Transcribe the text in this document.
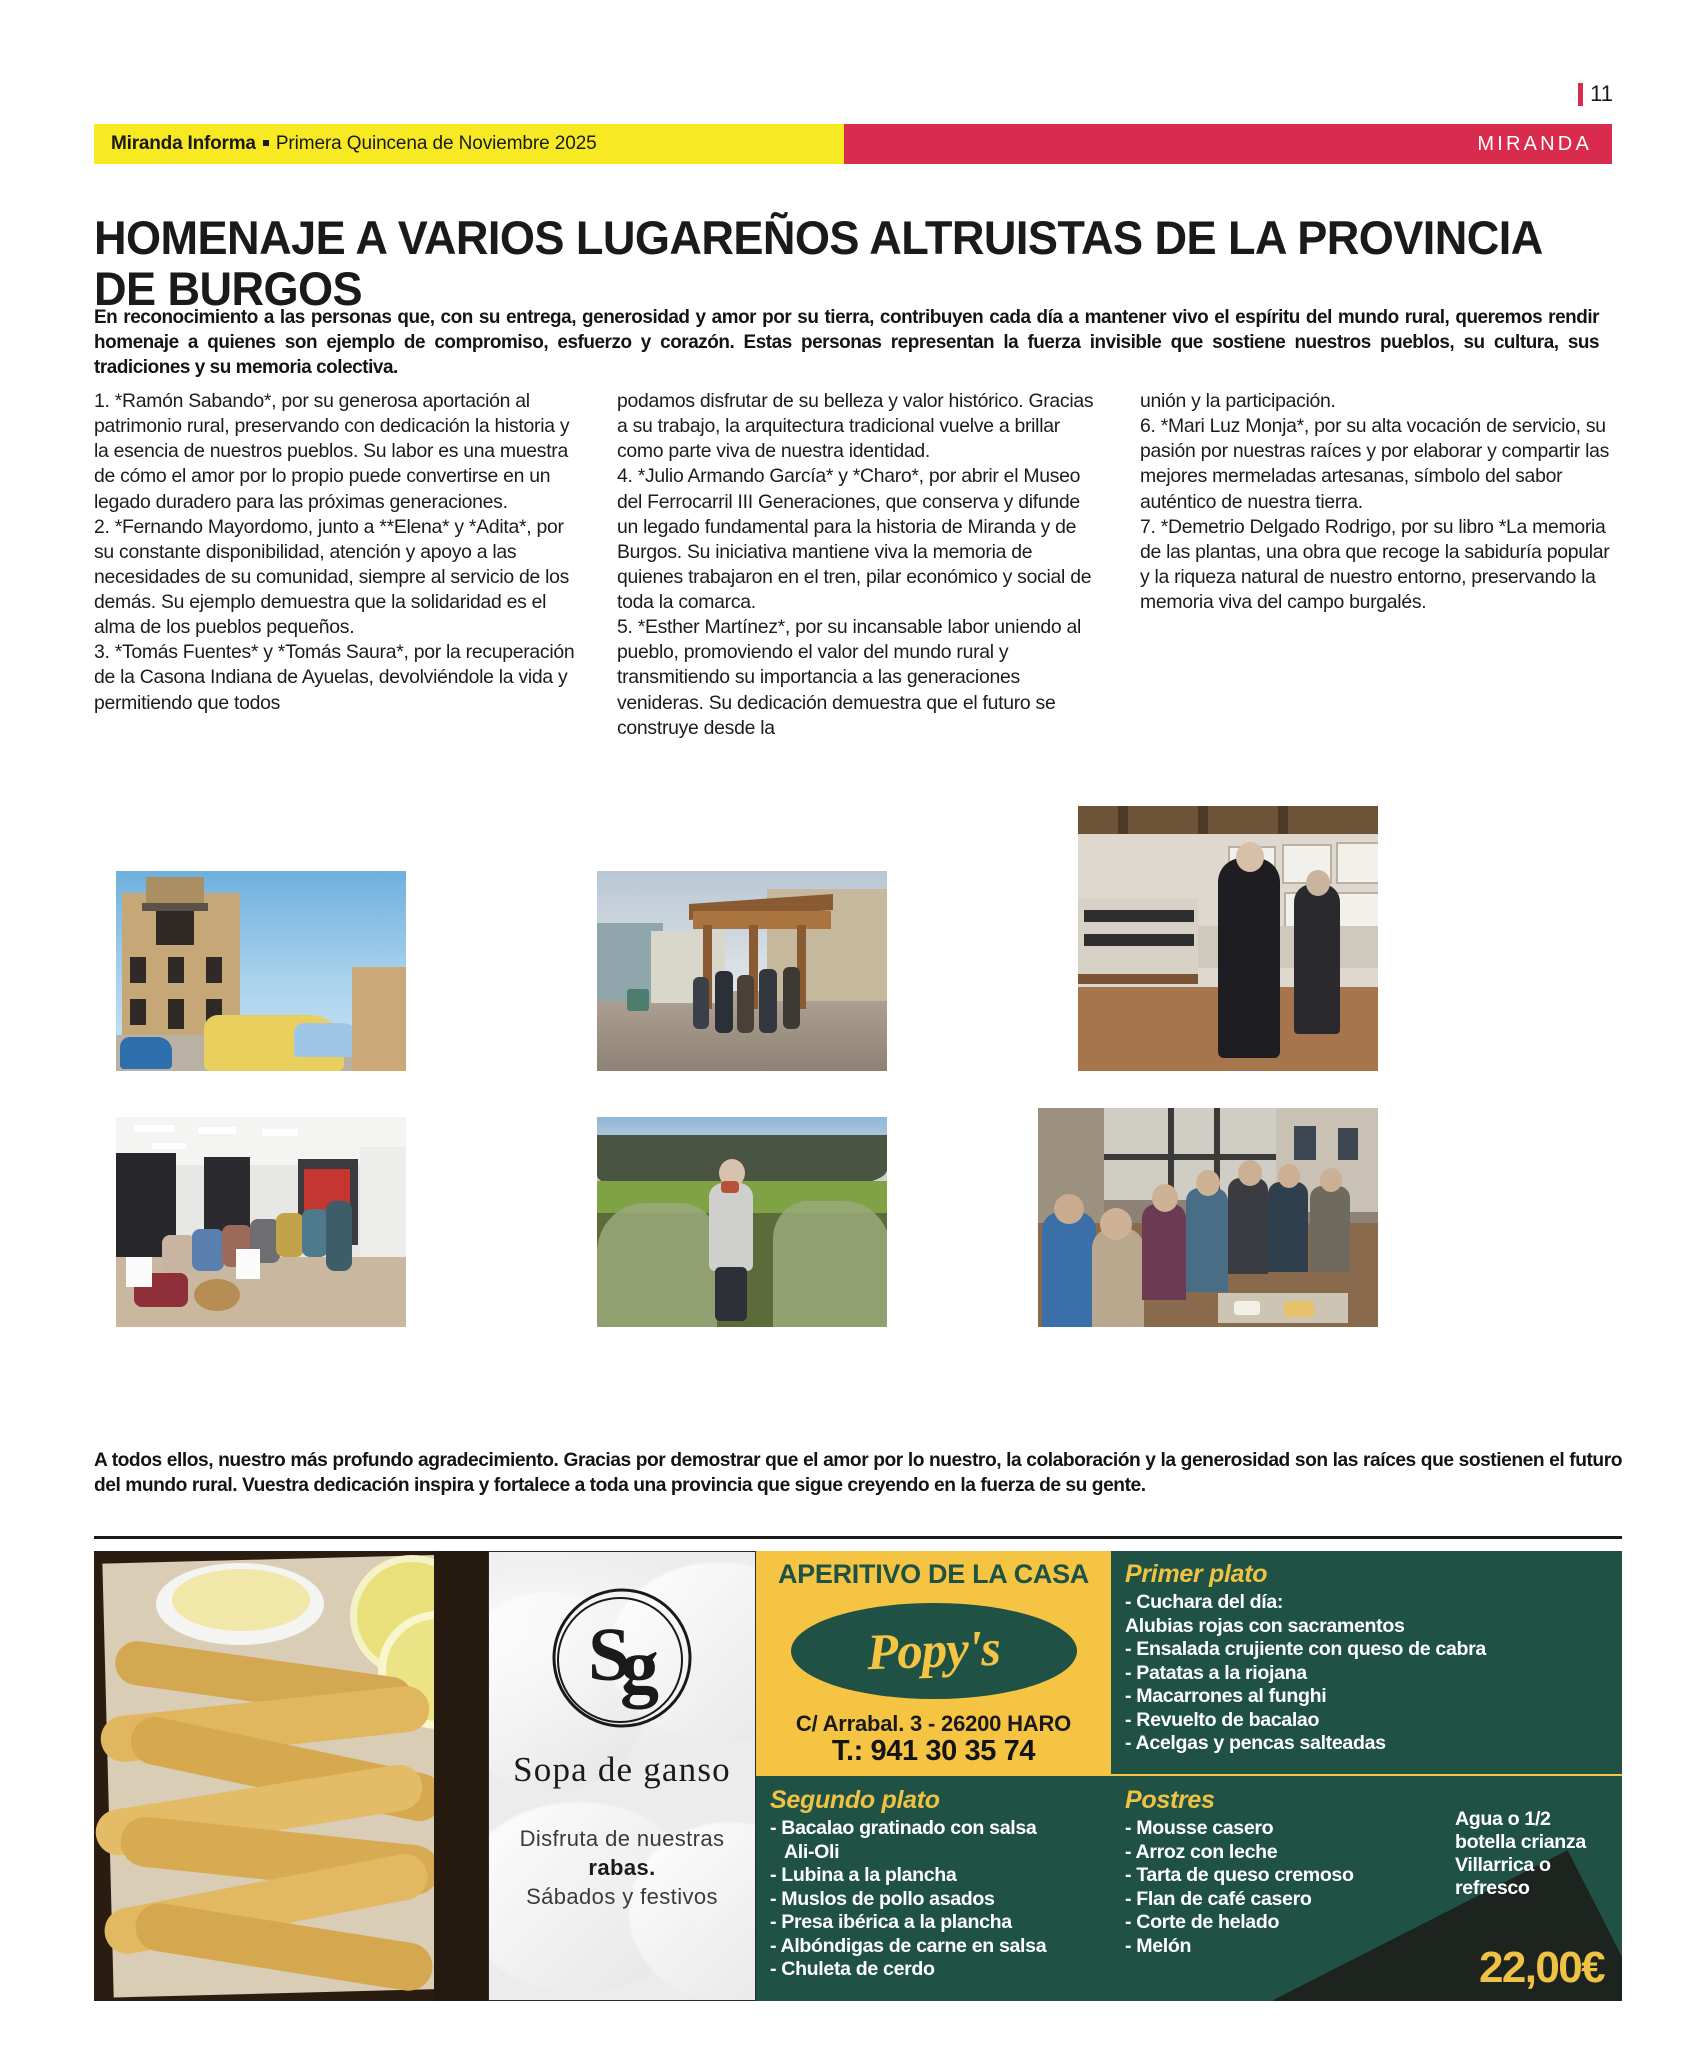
11
Miranda Informa Primera Quincena de Noviembre 2025	MIRANDA
HOMENAJE A VARIOS LUGAREÑOS ALTRUISTAS DE LA PROVINCIA DE BURGOS
En reconocimiento a las personas que, con su entrega, generosidad y amor por su tierra, contribuyen cada día a mantener vivo el espíritu del mundo rural, queremos rendir homenaje a quienes son ejemplo de compromiso, esfuerzo y corazón. Estas personas representan la fuerza invisible que sostiene nuestros pueblos, su cultura, sus tradiciones y su memoria colectiva.

1. *Ramón Sabando*, por su generosa aportación al patrimonio rural, preservando con dedicación la historia y la esencia de nuestros pueblos. Su labor es una muestra de cómo el amor por lo propio puede convertirse en un legado duradero para las próximas generaciones.

2. *Fernando Mayordomo, junto a **Elena* y *Adita*, por su constante disponibilidad, atención y apoyo a las necesidades de su comunidad, siempre al servicio de los demás. Su ejemplo demuestra que la solidaridad es el alma de los pueblos pequeños.

3. *Tomás Fuentes* y *Tomás Saura*, por la recuperación de la Casona Indiana de Ayuelas, devolviéndole la vida y permitiendo que todos

podamos disfrutar de su belleza y valor histórico. Gracias a su trabajo, la arquitectura tradicional vuelve a brillar como parte viva de nuestra identidad.

4. *Julio Armando García* y *Charo*, por abrir el Museo del Ferrocarril III Generaciones, que conserva y difunde un legado fundamental para la historia de Miranda y de Burgos. Su iniciativa mantiene viva la memoria de quienes trabajaron en el tren, pilar económico y social de toda la comarca.

5. *Esther Martínez*, por su incansable labor uniendo al pueblo, promoviendo el valor del mundo rural y transmitiendo su importancia a las generaciones venideras. Su dedicación demuestra que el futuro se construye desde la

unión y la participación.

6. *Mari Luz Monja*, por su alta vocación de servicio, su pasión por nuestras raíces y por elaborar y compartir las mejores mermeladas artesanas, símbolo del sabor auténtico de nuestra tierra.

7. *Demetrio Delgado Rodrigo, por su libro *La memoria de las plantas, una obra que recoge la sabiduría popular y la riqueza natural de nuestro entorno, preservando la memoria viva del campo burgalés.

A todos ellos, nuestro más profundo agradecimiento. Gracias por demostrar que el amor por lo nuestro, la colaboración y la generosidad son las raíces que sostienen el futuro del mundo rural. Vuestra dedicación inspira y fortalece a toda una provincia que sigue creyendo en la fuerza de su gente.
S
g
Sopa de ganso
Disfruta de nuestras
rabas.
Sábados y festivos
APERITIVO DE LA CASA
Popy's
C/ Arrabal. 3 - 26200 HARO
T.: 941 30 35 74
Primer plato
- Cuchara del día:
Alubias rojas con sacramentos
- Ensalada crujiente con queso de cabra
- Patatas a la riojana
- Macarrones al funghi
- Revuelto de bacalao
- Acelgas y pencas salteadas
Segundo plato
- Bacalao gratinado con salsa
Ali-Oli
- Lubina a la plancha
- Muslos de pollo asados
- Presa ibérica a la plancha
- Albóndigas de carne en salsa
- Chuleta de cerdo
Postres
- Mousse casero
- Arroz con leche
- Tarta de queso cremoso
- Flan de café casero
- Corte de helado
- Melón
Agua o 1/2 botella crianza Villarrica o refresco
22,00€
